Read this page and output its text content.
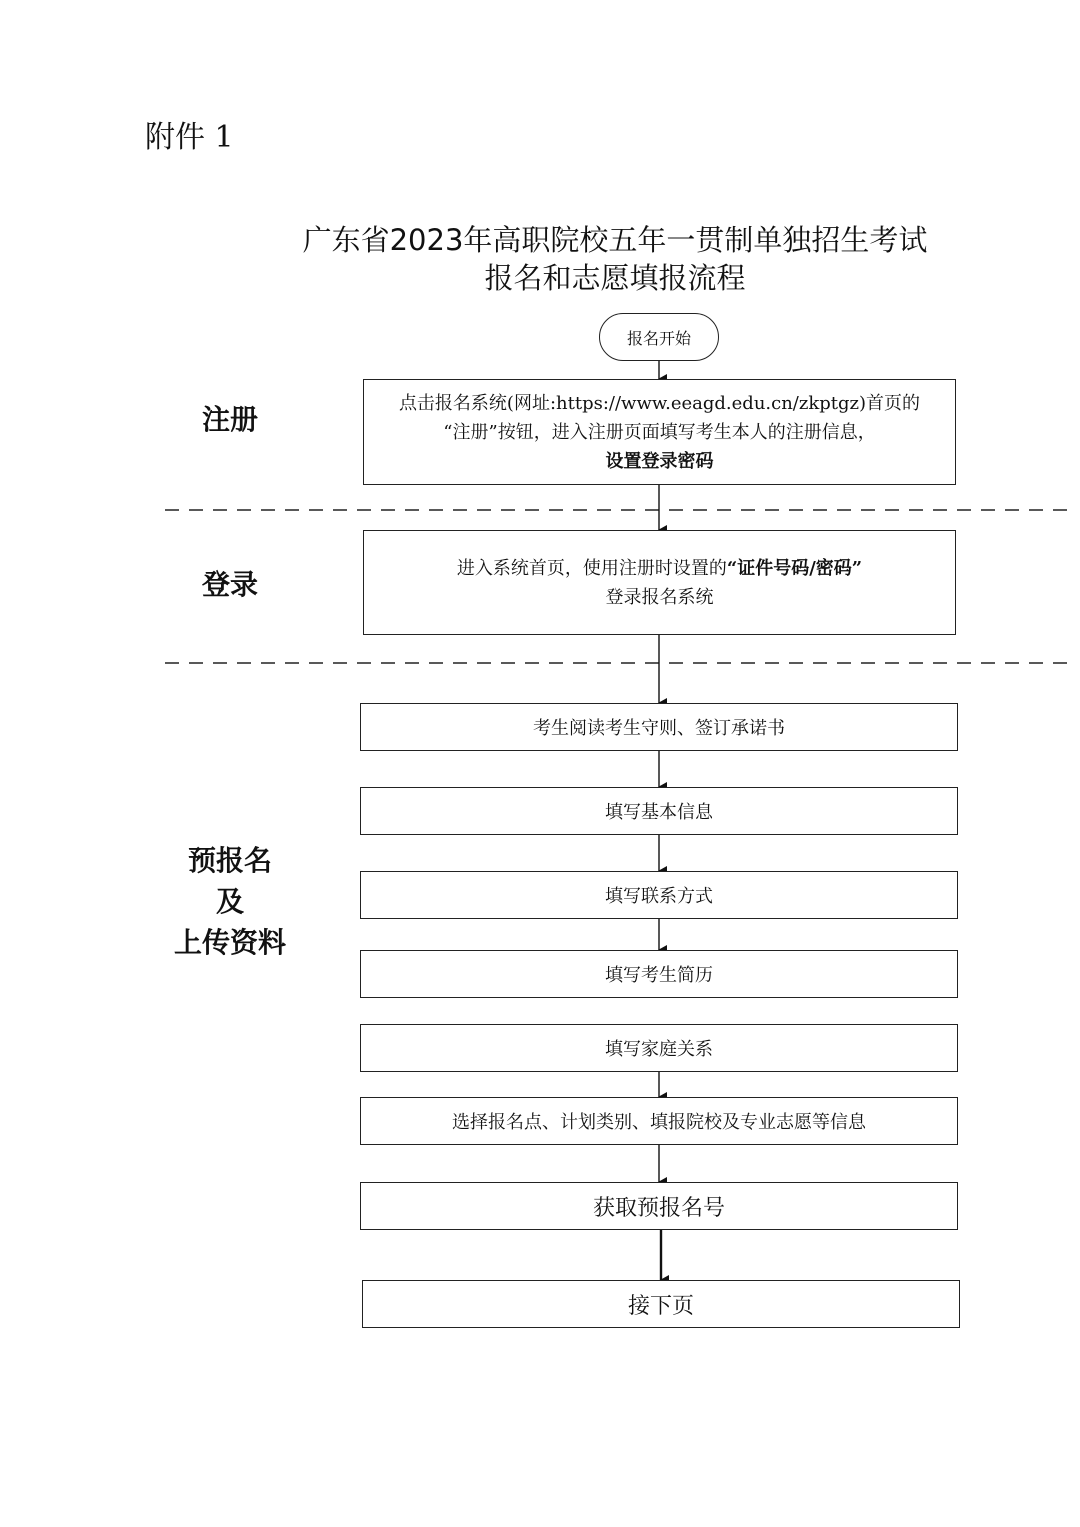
附件 1
广东省2023年高职院校五年一贯制单独招生考试
报名和志愿填报流程
注册
登录
预报名
及
上传资料
报名开始
点击报名系统(网址:https://www.eeagd.edu.cn/zkptgz)首页的
“注册”按钮，进入注册页面填写考生本人的注册信息，
设置登录密码
进入系统首页，使用注册时设置的“证件号码/密码”
登录报名系统
考生阅读考生守则、签订承诺书
填写基本信息
填写联系方式
填写考生简历
填写家庭关系
选择报名点、计划类别、填报院校及专业志愿等信息
获取预报名号
接下页
